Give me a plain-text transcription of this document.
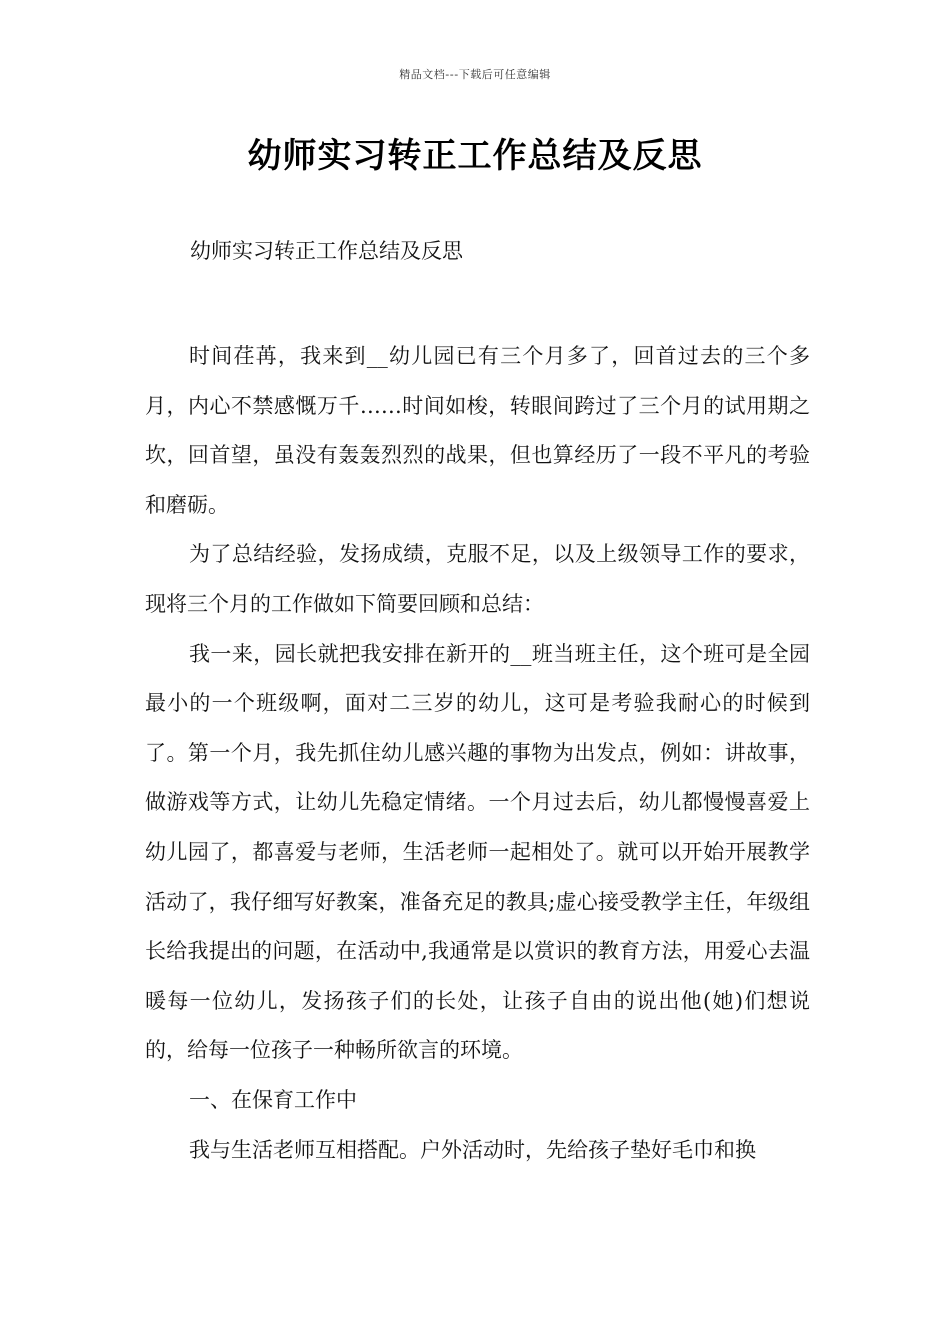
精品文档---下载后可任意编辑
幼师实习转正工作总结及反思
幼师实习转正工作总结及反思

时间荏苒，我来到__幼儿园已有三个月多了，回首过去的三个多月，内心不禁感慨万千……时间如梭，转眼间跨过了三个月的试用期之坎，回首望，虽没有轰轰烈烈的战果，但也算经历了一段不平凡的考验和磨砺。

为了总结经验，发扬成绩，克服不足，以及上级领导工作的要求，现将三个月的工作做如下简要回顾和总结：

我一来，园长就把我安排在新开的__班当班主任，这个班可是全园最小的一个班级啊，面对二三岁的幼儿，这可是考验我耐心的时候到了。第一个月，我先抓住幼儿感兴趣的事物为出发点，例如：讲故事，做游戏等方式，让幼儿先稳定情绪。一个月过去后，幼儿都慢慢喜爱上幼儿园了，都喜爱与老师，生活老师一起相处了。就可以开始开展教学活动了，我仔细写好教案，准备充足的教具;虚心接受教学主任，年级组长给我提出的问题，在活动中,我通常是以赏识的教育方法，用爱心去温暖每一位幼儿，发扬孩子们的长处，让孩子自由的说出他(她)们想说的，给每一位孩子一种畅所欲言的环境。

一、在保育工作中

我与生活老师互相搭配。户外活动时，先给孩子垫好毛巾和换
